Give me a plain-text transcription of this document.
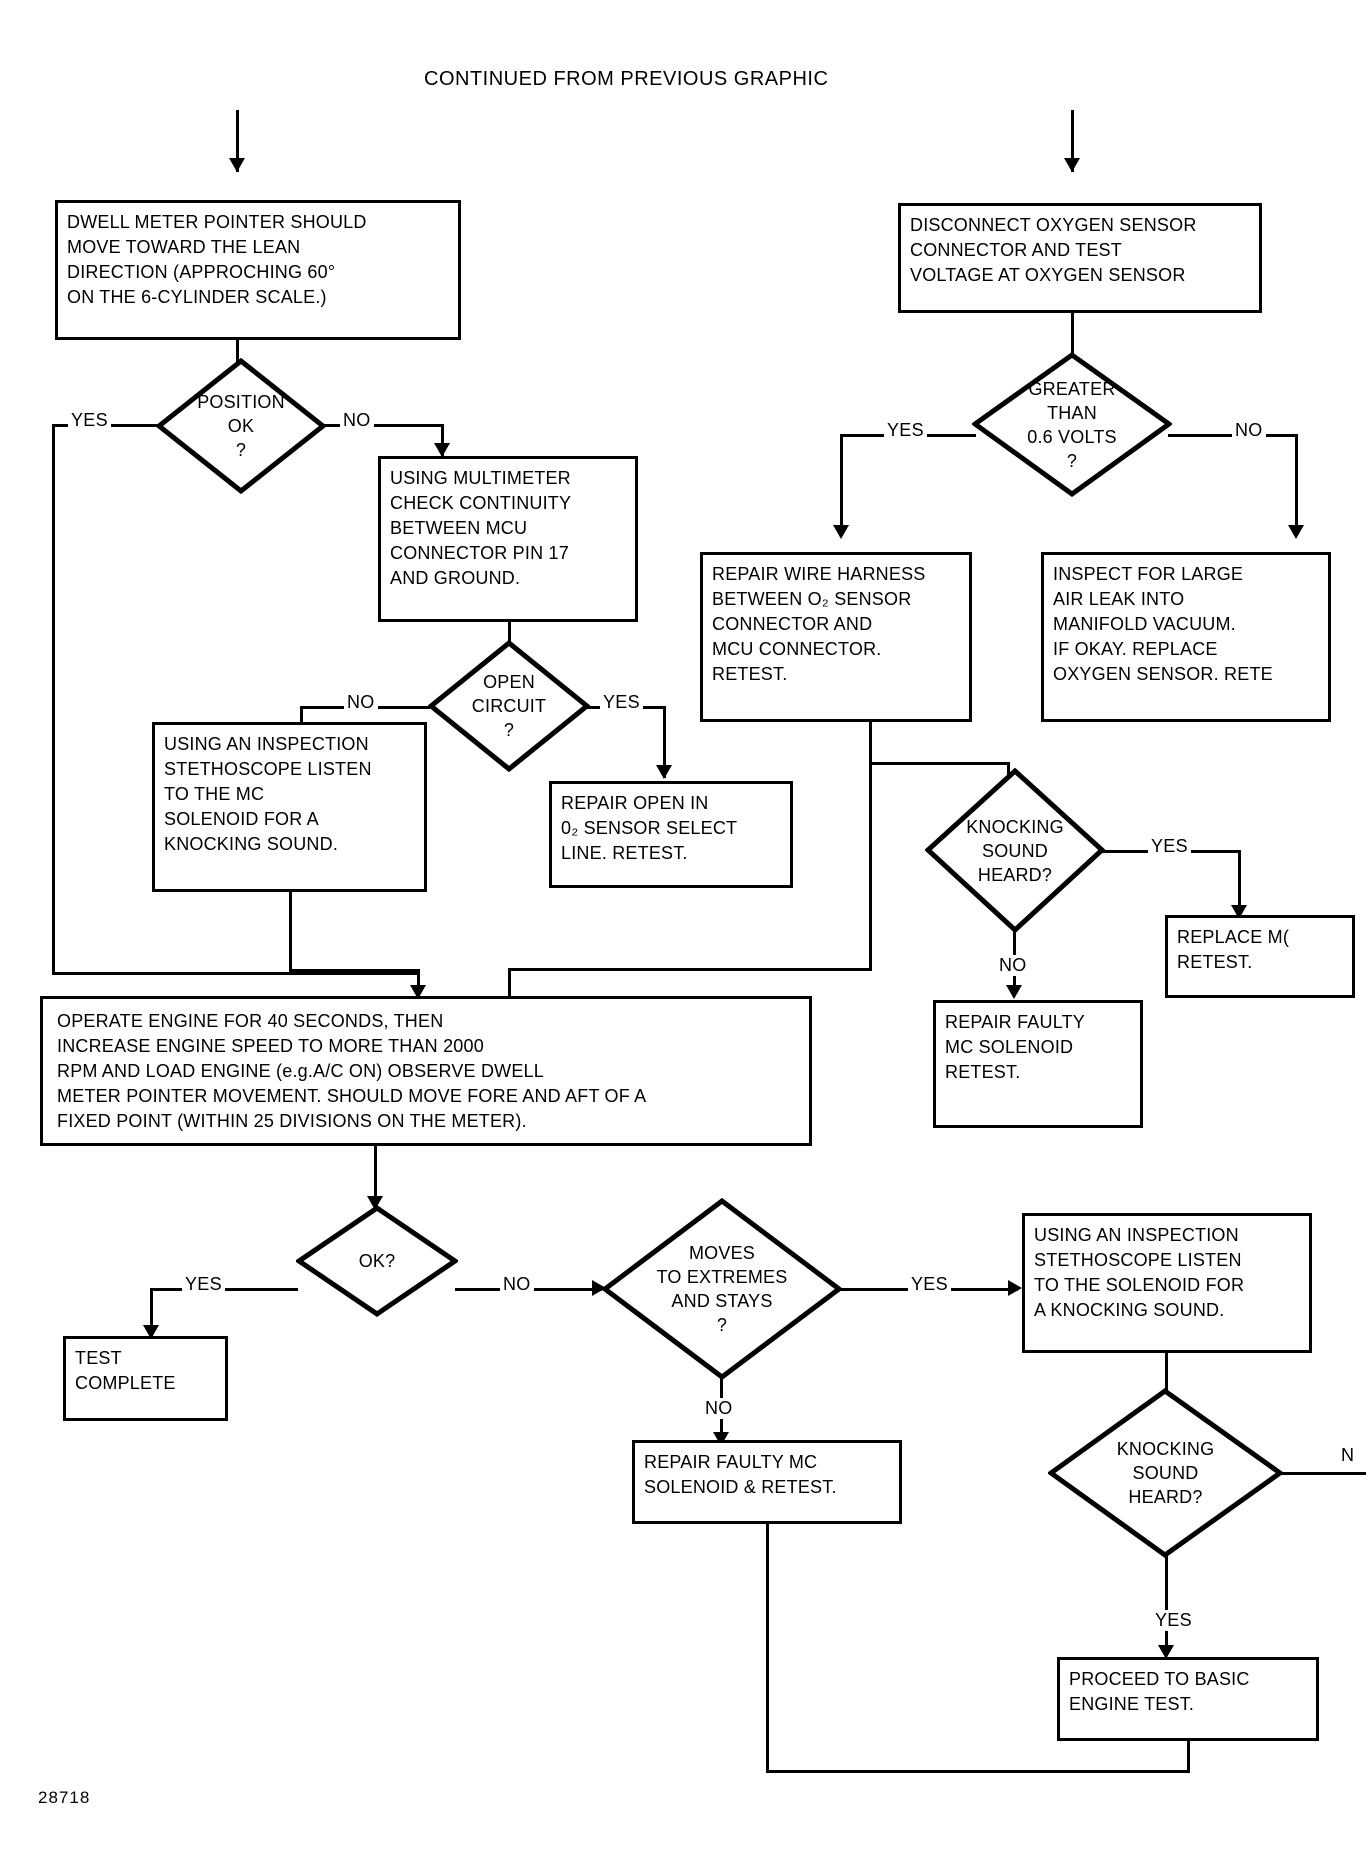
CONTINUED FROM PREVIOUS GRAPHIC
DWELL METER POINTER SHOULD
MOVE TOWARD THE LEAN
DIRECTION (APPROCHING 60°
ON THE 6-CYLINDER SCALE.)
POSITION
OK
?
YES	NO
USING MULTIMETER
CHECK CONTINUITY
BETWEEN MCU
CONNECTOR PIN 17
AND GROUND.
OPEN
CIRCUIT
?
NO	YES
USING AN INSPECTION
STETHOSCOPE LISTEN
TO THE MC
SOLENOID FOR A
KNOCKING SOUND.
REPAIR OPEN IN
0₂ SENSOR SELECT
LINE. RETEST.
DISCONNECT OXYGEN SENSOR
CONNECTOR AND TEST
VOLTAGE AT OXYGEN SENSOR
GREATER
THAN
0.6 VOLTS
?
YES	NO
REPAIR WIRE HARNESS
BETWEEN O₂ SENSOR
CONNECTOR AND
MCU CONNECTOR.
RETEST.
INSPECT FOR LARGE
AIR LEAK INTO
MANIFOLD VACUUM.
IF OKAY. REPLACE
OXYGEN SENSOR. RETE
KNOCKING
SOUND
HEARD?
YES
NO
REPLACE M(
RETEST.
REPAIR FAULTY
MC SOLENOID
RETEST.
OPERATE ENGINE FOR 40 SECONDS, THEN
INCREASE ENGINE SPEED TO MORE THAN 2000
RPM AND LOAD ENGINE (e.g.A/C ON) OBSERVE DWELL
METER POINTER MOVEMENT. SHOULD MOVE FORE AND AFT OF A
FIXED POINT (WITHIN 25 DIVISIONS ON THE METER).
OK?
YES	NO
TEST
COMPLETE
MOVES
TO EXTREMES
AND STAYS
?
YES
NO
REPAIR FAULTY MC
SOLENOID & RETEST.
USING AN INSPECTION
STETHOSCOPE LISTEN
TO THE SOLENOID FOR
A KNOCKING SOUND.
KNOCKING
SOUND
HEARD?
N
YES
PROCEED TO BASIC
ENGINE TEST.
28718
